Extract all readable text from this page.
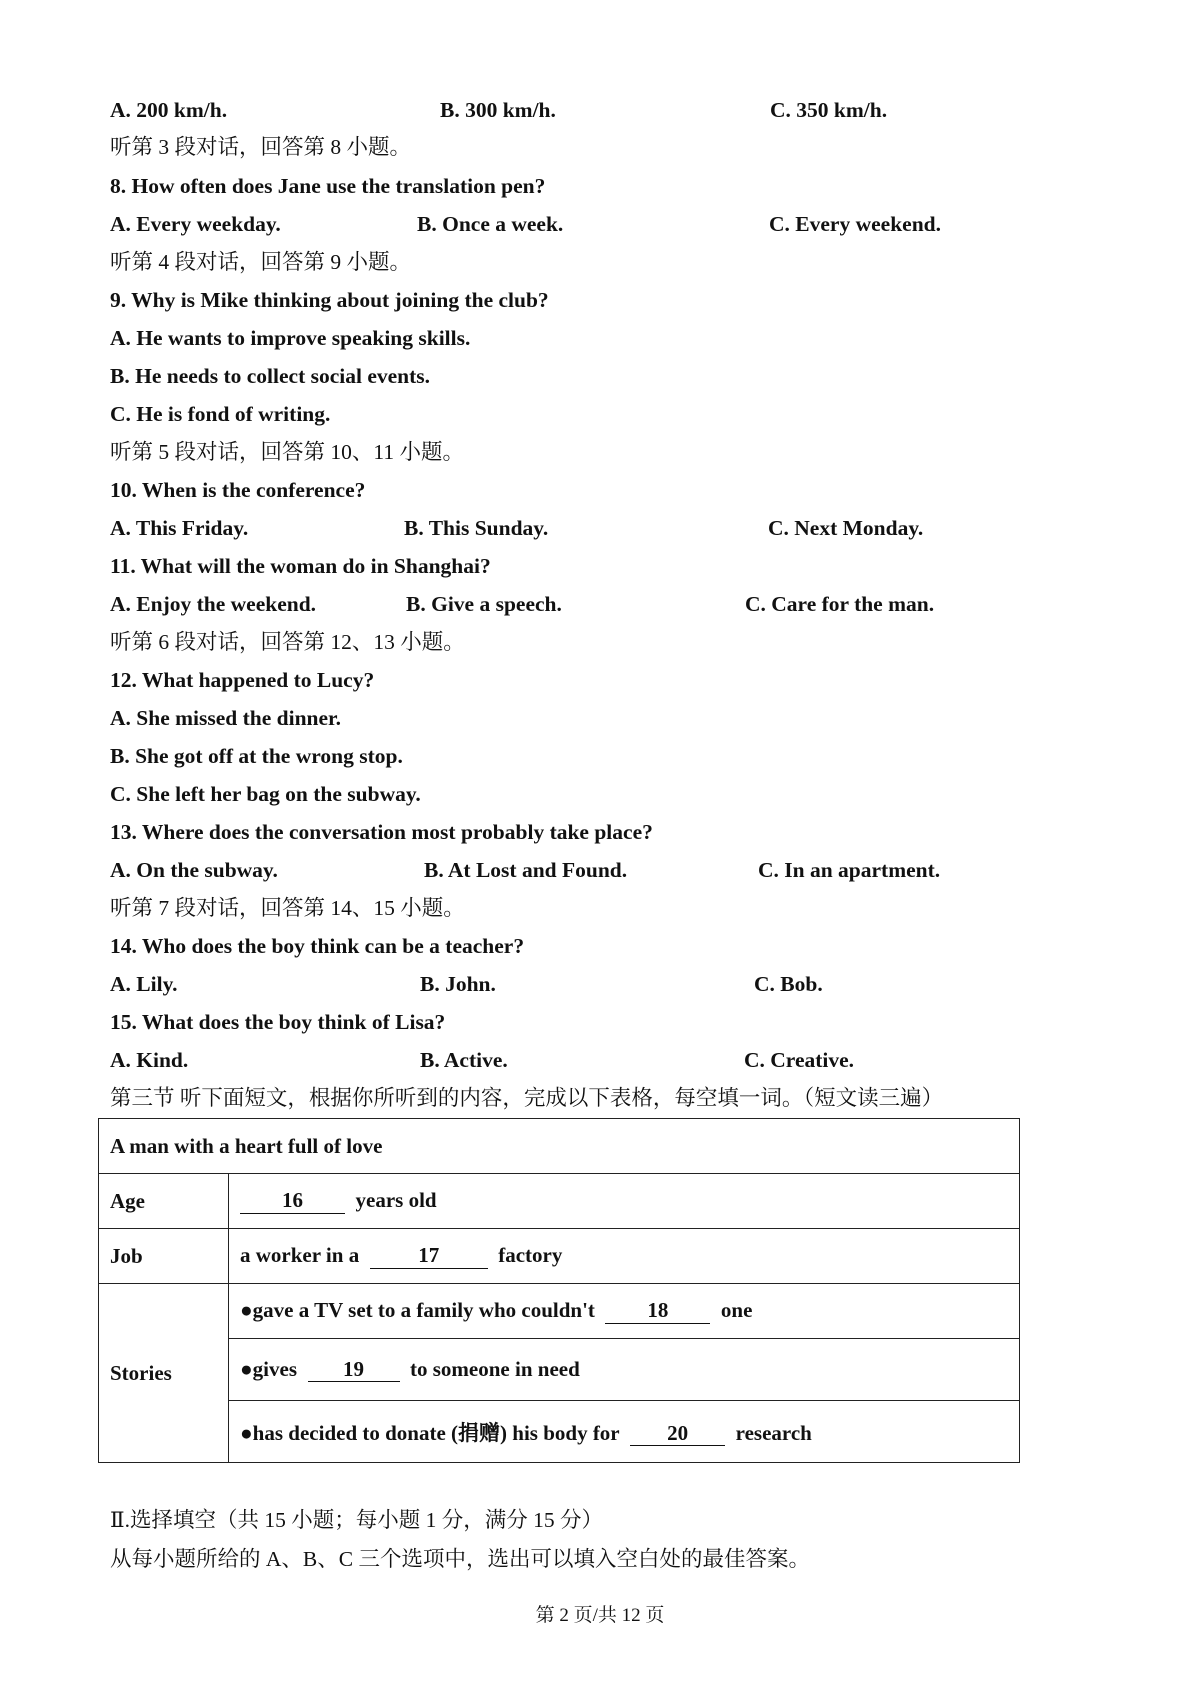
A. 200 km/h.	B. 300 km/h.	C. 350 km/h.
听第 3 段对话，回答第 8 小题。
8. How often does Jane use the translation pen?
A. Every weekday.	B. Once a week.	C. Every weekend.
听第 4 段对话，回答第 9 小题。
9. Why is Mike thinking about joining the club?
A. He wants to improve speaking skills.
B. He needs to collect social events.
C. He is fond of writing.
听第 5 段对话，回答第 10、11 小题。
10. When is the conference?
A. This Friday.	B. This Sunday.	C. Next Monday.
11. What will the woman do in Shanghai?
A. Enjoy the weekend.	B. Give a speech.	C. Care for the man.
听第 6 段对话，回答第 12、13 小题。
12. What happened to Lucy?
A. She missed the dinner.
B. She got off at the wrong stop.
C. She left her bag on the subway.
13. Where does the conversation most probably take place?
A. On the subway.	B. At Lost and Found.	C. In an apartment.
听第 7 段对话，回答第 14、15 小题。
14. Who does the boy think can be a teacher?
A. Lily.	B. John.	C. Bob.
15. What does the boy think of Lisa?
A. Kind.	B. Active.	C. Creative.
第三节 听下面短文，根据你所听到的内容，完成以下表格，每空填一词。（短文读三遍）
A man with a heart full of love	
Age	16 years old
Job	a worker in a 17 factory
Stories	●gave a TV set to a family who couldn't 18 one
	●gives 19 to someone in need
	●has decided to donate (捐赠) his body for 20 research
Ⅱ.选择填空（共 15 小题；每小题 1 分，满分 15 分）
从每小题所给的 A、B、C 三个选项中，选出可以填入空白处的最佳答案。
第 2 页/共 12 页
